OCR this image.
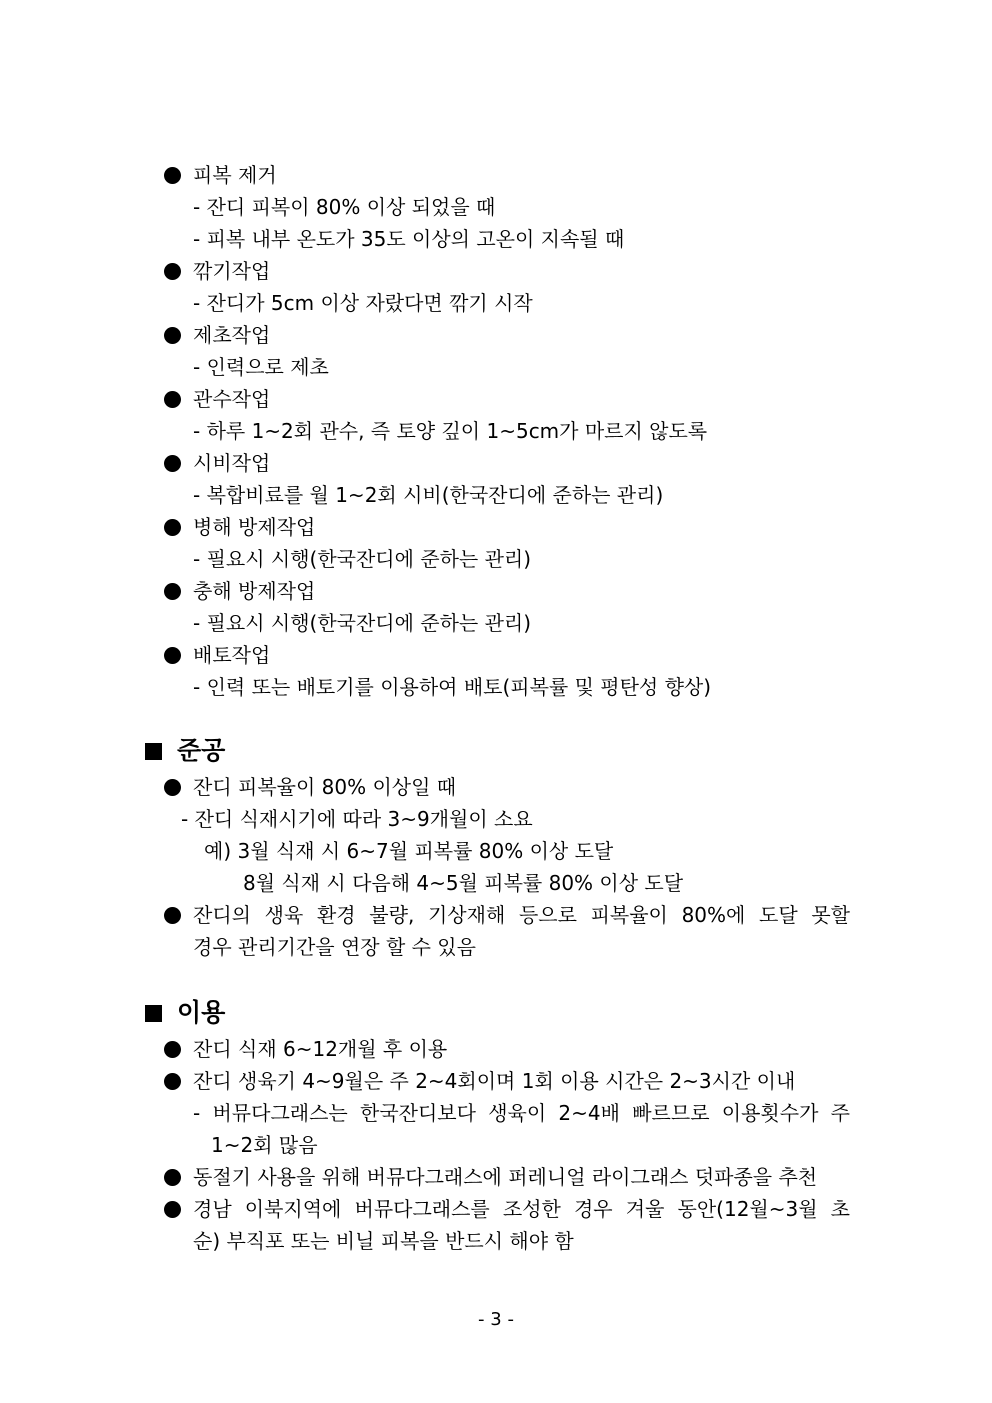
피복 제거
- 잔디 피복이 80% 이상 되었을 때
- 피복 내부 온도가 35도 이상의 고온이 지속될 때
깎기작업
- 잔디가 5cm 이상 자랐다면 깎기 시작
제초작업
- 인력으로 제초
관수작업
- 하루 1~2회 관수, 즉 토양 깊이 1~5cm가 마르지 않도록
시비작업
- 복합비료를 월 1~2회 시비(한국잔디에 준하는 관리)
병해 방제작업
- 필요시 시행(한국잔디에 준하는 관리)
충해 방제작업
- 필요시 시행(한국잔디에 준하는 관리)
배토작업
- 인력 또는 배토기를 이용하여 배토(피복률 및 평탄성 향상)
준공
잔디 피복율이 80% 이상일 때
- 잔디 식재시기에 따라 3~9개월이 소요
예) 3월 식재 시 6~7월 피복률 80% 이상 도달
8월 식재 시 다음해 4~5월 피복률 80% 이상 도달
잔디의 생육 환경 불량, 기상재해 등으로 피복율이 80%에 도달 못할
경우 관리기간을 연장 할 수 있음
이용
잔디 식재 6~12개월 후 이용
잔디 생육기 4~9월은 주 2~4회이며 1회 이용 시간은 2~3시간 이내
- 버뮤다그래스는 한국잔디보다 생육이 2~4배 빠르므로 이용횟수가 주
1~2회 많음
동절기 사용을 위해 버뮤다그래스에 퍼레니얼 라이그래스 덧파종을 추천
경남 이북지역에 버뮤다그래스를 조성한 경우 겨울 동안(12월~3월 초
순) 부직포 또는 비닐 피복을 반드시 해야 함
- 3 -
